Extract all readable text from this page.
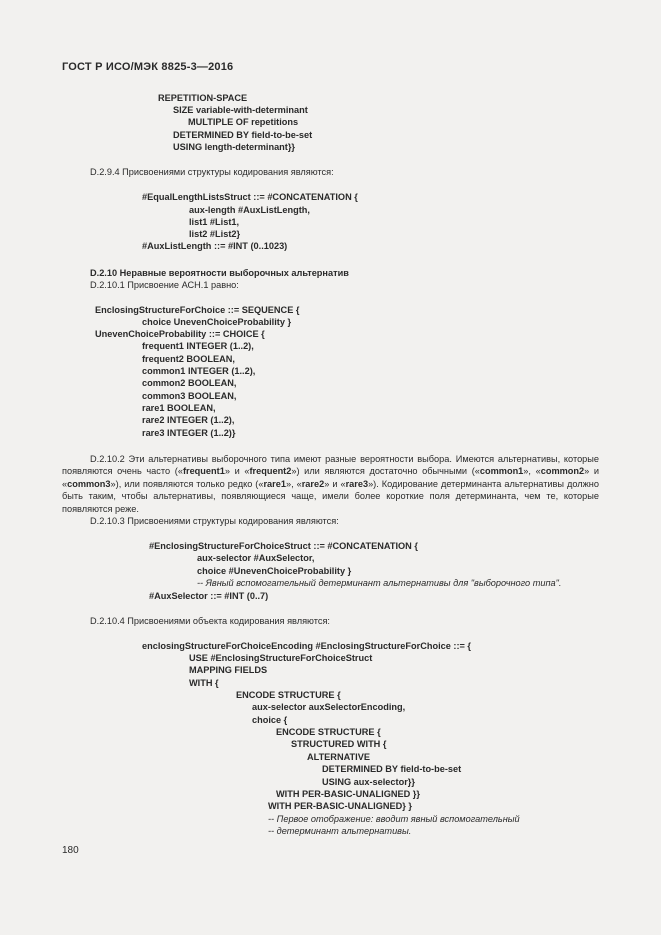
ГОСТ Р ИСО/МЭК 8825-3—2016
REPETITION-SPACE
SIZE variable-with-determinant
MULTIPLE OF repetitions
DETERMINED BY field-to-be-set
USING length-determinant}}
D.2.9.4 Присвоениями структуры кодирования являются:
#EqualLengthListsStruct ::= #CONCATENATION {
aux-length #AuxListLength,
list1 #List1,
list2 #List2}
#AuxListLength ::= #INT (0..1023)
D.2.10 Неравные вероятности выборочных альтернатив
D.2.10.1 Присвоение АСН.1 равно:
EnclosingStructureForChoice ::= SEQUENCE {
choice UnevenChoiceProbability }
UnevenChoiceProbability ::= CHOICE {
frequent1 INTEGER (1..2),
frequent2 BOOLEAN,
common1 INTEGER (1..2),
common2 BOOLEAN,
common3 BOOLEAN,
rare1 BOOLEAN,
rare2 INTEGER (1..2),
rare3 INTEGER (1..2)}
D.2.10.2 Эти альтернативы выборочного типа имеют разные вероятности выбора. Имеются альтернативы, которые появляются очень часто («frequent1» и «frequent2») или являются достаточно обычными («common1», «common2» и «common3»), или появляются только редко («rare1», «rare2» и «rare3»). Кодирование детерминанта альтернативы должно быть таким, чтобы альтернативы, появляющиеся чаще, имели более короткие поля детерминанта, чем те, которые появляются реже.
D.2.10.3 Присвоениями структуры кодирования являются:
#EnclosingStructureForChoiceStruct ::= #CONCATENATION {
aux-selector #AuxSelector,
choice #UnevenChoiceProbability }
-- Явный вспомогательный детерминант альтернативы для "выборочного типа".
#AuxSelector ::= #INT (0..7)
D.2.10.4 Присвоениями объекта кодирования являются:
enclosingStructureForChoiceEncoding #EnclosingStructureForChoice ::= {
USE #EnclosingStructureForChoiceStruct
MAPPING FIELDS
WITH {
ENCODE STRUCTURE {
aux-selector auxSelectorEncoding,
choice {
ENCODE STRUCTURE {
STRUCTURED WITH {
ALTERNATIVE
DETERMINED BY field-to-be-set
USING aux-selector}}
WITH PER-BASIC-UNALIGNED }}
WITH PER-BASIC-UNALIGNED} }
-- Первое отображение: вводит явный вспомогательный
-- детерминант альтернативы.
180
